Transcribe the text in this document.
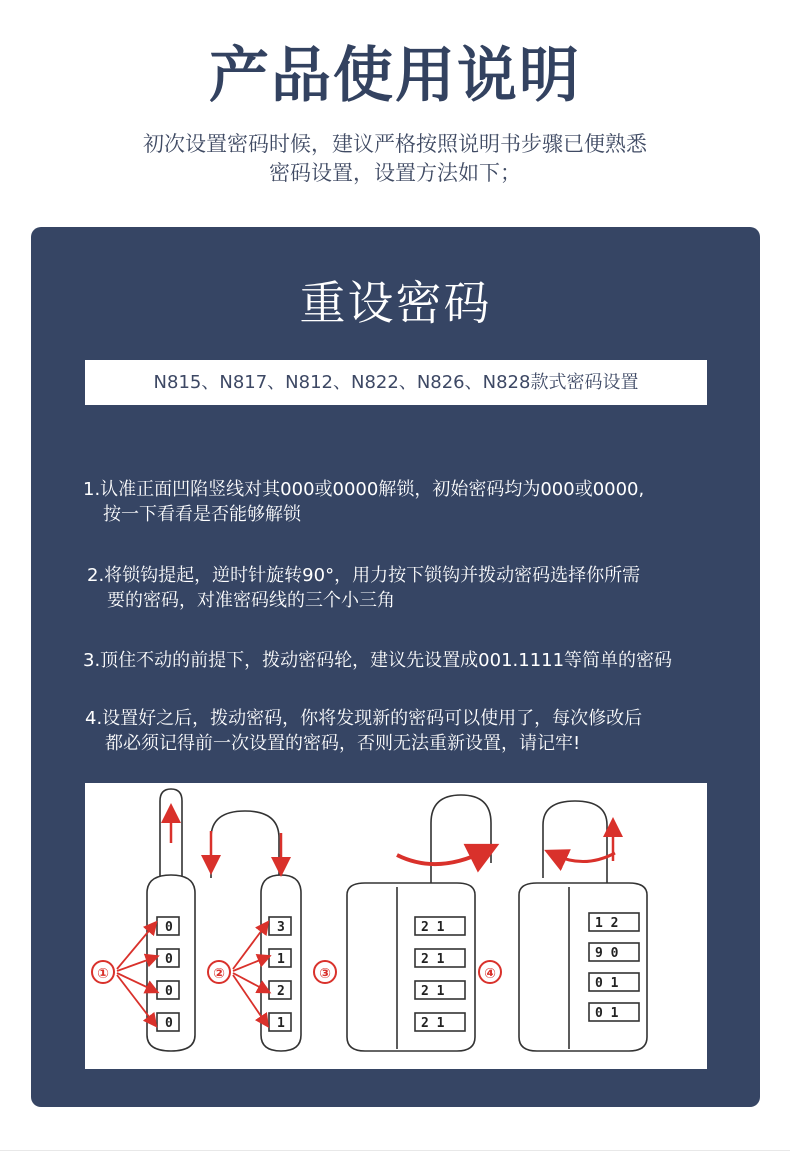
产品使用说明
初次设置密码时候，建议严格按照说明书步骤已便熟悉
密码设置，设置方法如下；
重设密码
N815、N817、N812、N822、N826、N828款式密码设置
1.认准正面凹陷竖线对其000或0000解锁，初始密码均为000或0000,
按一下看看是否能够解锁
2.将锁钩提起，逆时针旋转90°，用力按下锁钩并拨动密码选择你所需
要的密码，对准密码线的三个小三角
3.顶住不动的前提下，拨动密码轮，建议先设置成001.1111等简单的密码
4.设置好之后，拨动密码，你将发现新的密码可以使用了，每次修改后
都必须记得前一次设置的密码，否则无法重新设置，请记牢!
0
0
0
0
①
3
1
2
1
②	③
2 1
2 1
2 1
2 1
④
1 2
9 0
0 1
0 1
